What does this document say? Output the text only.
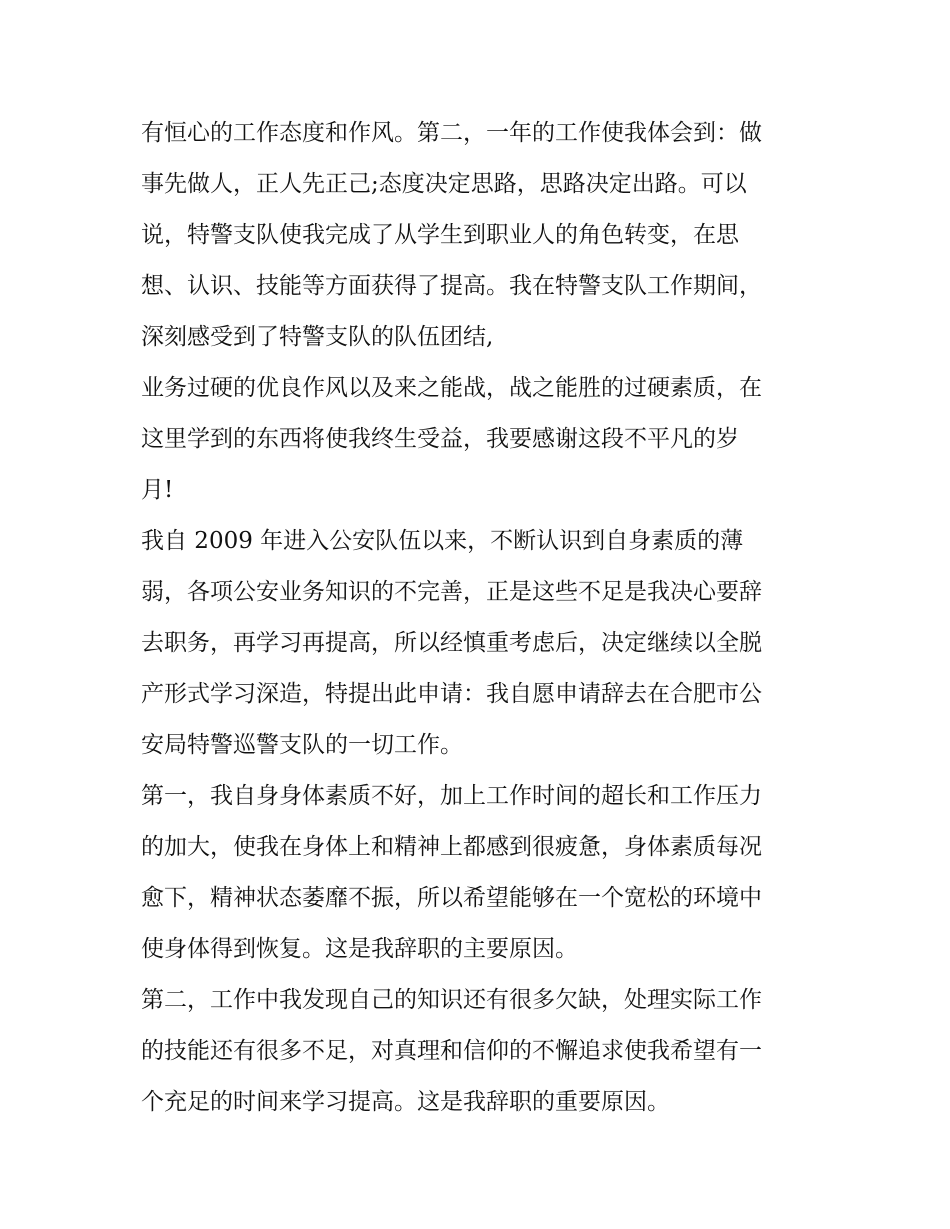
有恒心的工作态度和作风。第二，一年的工作使我体会到：做
事先做人，正人先正己;态度决定思路，思路决定出路。可以
说，特警支队使我完成了从学生到职业人的角色转变，在思
想、认识、技能等方面获得了提高。我在特警支队工作期间，
深刻感受到了特警支队的队伍团结,
业务过硬的优良作风以及来之能战，战之能胜的过硬素质，在
这里学到的东西将使我终生受益，我要感谢这段不平凡的岁
月!
我自 2009 年进入公安队伍以来，不断认识到自身素质的薄
弱，各项公安业务知识的不完善，正是这些不足是我决心要辞
去职务，再学习再提高，所以经慎重考虑后，决定继续以全脱
产形式学习深造，特提出此申请：我自愿申请辞去在合肥市公
安局特警巡警支队的一切工作。
第一，我自身身体素质不好，加上工作时间的超长和工作压力
的加大，使我在身体上和精神上都感到很疲惫，身体素质每况
愈下，精神状态萎靡不振，所以希望能够在一个宽松的环境中
使身体得到恢复。这是我辞职的主要原因。
第二，工作中我发现自己的知识还有很多欠缺，处理实际工作
的技能还有很多不足，对真理和信仰的不懈追求使我希望有一
个充足的时间来学习提高。这是我辞职的重要原因。
